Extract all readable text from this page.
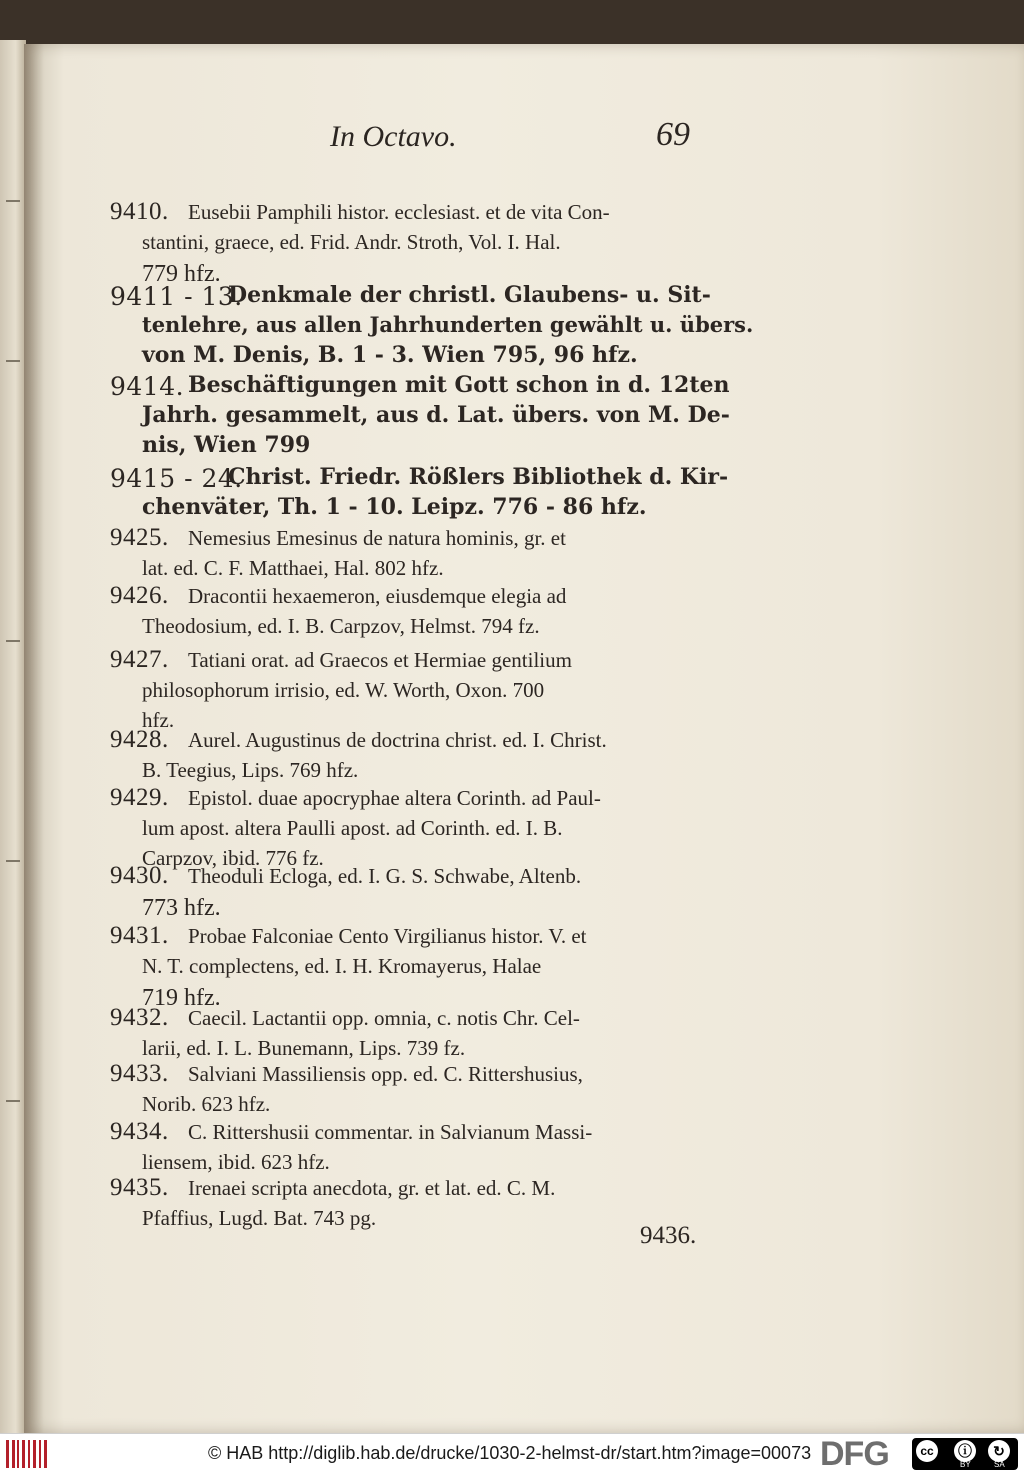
In Octavo.	69
9410. Eusebii Pamphili histor. ecclesiast. et de vita Con-
stantini, graece, ed. Frid. Andr. Stroth, Vol. I. Hal.
779 hfz.
9411 - 13.
Denkmale der christl. Glaubens- u. Sit-
tenlehre, aus allen Jahrhunderten gewählt u. übers.
von M. Denis, B. 1 - 3. Wien 795, 96 hfz.
9414. Beschäftigungen mit Gott schon in d. 12ten
Jahrh. gesammelt, aus d. Lat. übers. von M. De-
nis, Wien 799
9415 - 24.
Christ. Friedr. Rößlers Bibliothek d. Kir-
chenväter, Th. 1 - 10. Leipz. 776 - 86 hfz.
9425. Nemesius Emesinus de natura hominis, gr. et
lat. ed. C. F. Matthaei, Hal. 802 hfz.
9426. Dracontii hexaemeron, eiusdemque elegia ad
Theodosium, ed. I. B. Carpzov, Helmst. 794 fz.
9427. Tatiani orat. ad Graecos et Hermiae gentilium
philosophorum irrisio, ed. W. Worth, Oxon. 700
hfz.
9428. Aurel. Augustinus de doctrina christ. ed. I. Christ.
B. Teegius, Lips. 769 hfz.
9429. Epistol. duae apocryphae altera Corinth. ad Paul-
lum apost. altera Paulli apost. ad Corinth. ed. I. B.
Carpzov, ibid. 776 fz.
9430. Theoduli Ecloga, ed. I. G. S. Schwabe, Altenb.
773 hfz.
9431. Probae Falconiae Cento Virgilianus histor. V. et
N. T. complectens, ed. I. H. Kromayerus, Halae
719 hfz.
9432. Caecil. Lactantii opp. omnia, c. notis Chr. Cel-
larii, ed. I. L. Bunemann, Lips. 739 fz.
9433. Salviani Massiliensis opp. ed. C. Rittershusius,
Norib. 623 hfz.
9434. C. Rittershusii commentar. in Salvianum Massi-
liensem, ibid. 623 hfz.
9435. Irenaei scripta anecdota, gr. et lat. ed. C. M.
Pfaffius, Lugd. Bat. 743 pg.
9436.
© HAB http://diglib.hab.de/drucke/1030-2-helmst-dr/start.htm?image=00073 DFG	cc	ⓘ	↻
BY	SA
